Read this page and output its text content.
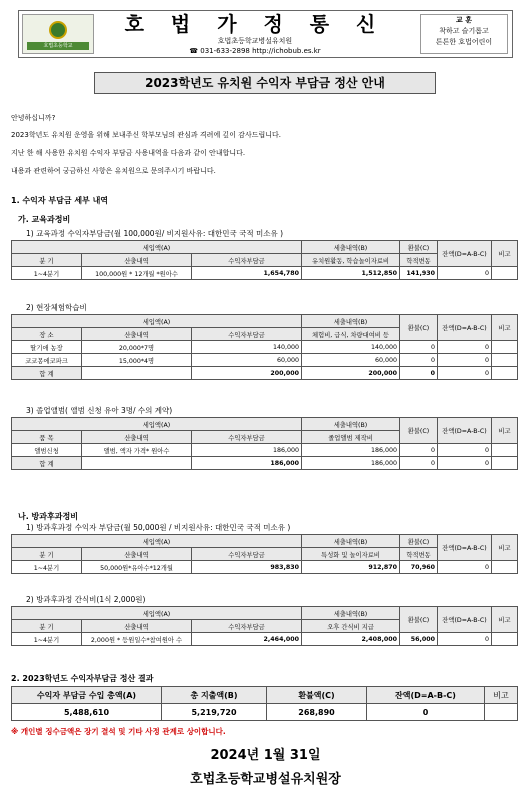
호법초등학교
호 법 가 정 통 신
호법초등학교병설유치원
☎ 031-633-2898 http://ichobub.es.kr
교 훈
착하고 슬기롭고
튼튼한 호법어린이
2023학년도 유치원 수익자 부담금 정산 안내
안녕하십니까?
2023학년도 유치원 운영을 위해 보내주신 학부모님의 관심과 격려에 깊이 감사드립니다.
지난 한 해 사용한 유치원 수익자 부담금 사용내역을 다음과 같이 안내합니다.
내용과 관련하여 궁금하신 사항은 유치원으로 문의주시기 바랍니다.
1. 수익자 부담금 세부 내역
가. 교육과정비
1) 교육과정 수익자부담금(월 100,000원/ 비지원사유: 대한민국 국적 미소유 )
세입액(A)			세출내역(B)	환불(C)	잔액(D=A-B-C)	비고
분 기	산출내역	수익자부담금	유치원활동, 학습놀이자료비	학적변동		
1~4분기	100,000원 * 12개월 *원아수	1,654,780	1,512,850	141,930	0	
2) 현장체험학습비
세입액(A)			세출내역(B)	환불(C)	잔액(D=A-B-C)	비고
장 소	산출내역	수익자부담금	체험비, 급식, 차량대여비 등			
딸기애 농장	20,000*7명	140,000	140,000	0	0	
코코몽에코파크	15,000*4명	60,000	60,000	0	0	
합 계		200,000	200,000	0	0	
3) 졸업앨범( 앨범 신청 유아 3명/ 수의 계약)
세입액(A)			세출내역(B)	환불(C)	잔액(D=A-B-C)	비고
품 목	산출내역	수익자부담금	졸업앨범 제작비			
앨범신청	앨범, 액자 가격* 원아수	186,000	186,000	0	0	
합 계		186,000	186,000	0	0	
나. 방과후과정비
1) 방과후과정 수익자 부담금(월 50,000원 / 비지원사유: 대한민국 국적 미소유 )
세입액(A)			세출내역(B)	환불(C)	잔액(D=A-B-C)	비고
분 기	산출내역	수익자부담금	특성화 및 놀이자료비	학적변동		
1~4분기	50,000원*유아수*12개월	983,830	912,870	70,960	0	
2) 방과후과정 간식비(1식 2,000원)
세입액(A)			세출내역(B)	환불(C)	잔액(D=A-B-C)	비고
분 기	산출내역	수익자부담금	오후 간식비 지급			
1~4분기	2,000원 * 등원일수*참여원아 수	2,464,000	2,408,000	56,000	0	
2. 2023학년도 수익자부담금 정산 결과
수익자 부담금 수입 총액(A)	총 지출액(B)	환불액(C)	잔액(D=A-B-C)	비고
5,488,610	5,219,720	268,890	0	
※ 개인별 징수금액은 장기 결석 및 기타 사정 관계로 상이합니다.
2024년 1월 31일
호법초등학교병설유치원장
